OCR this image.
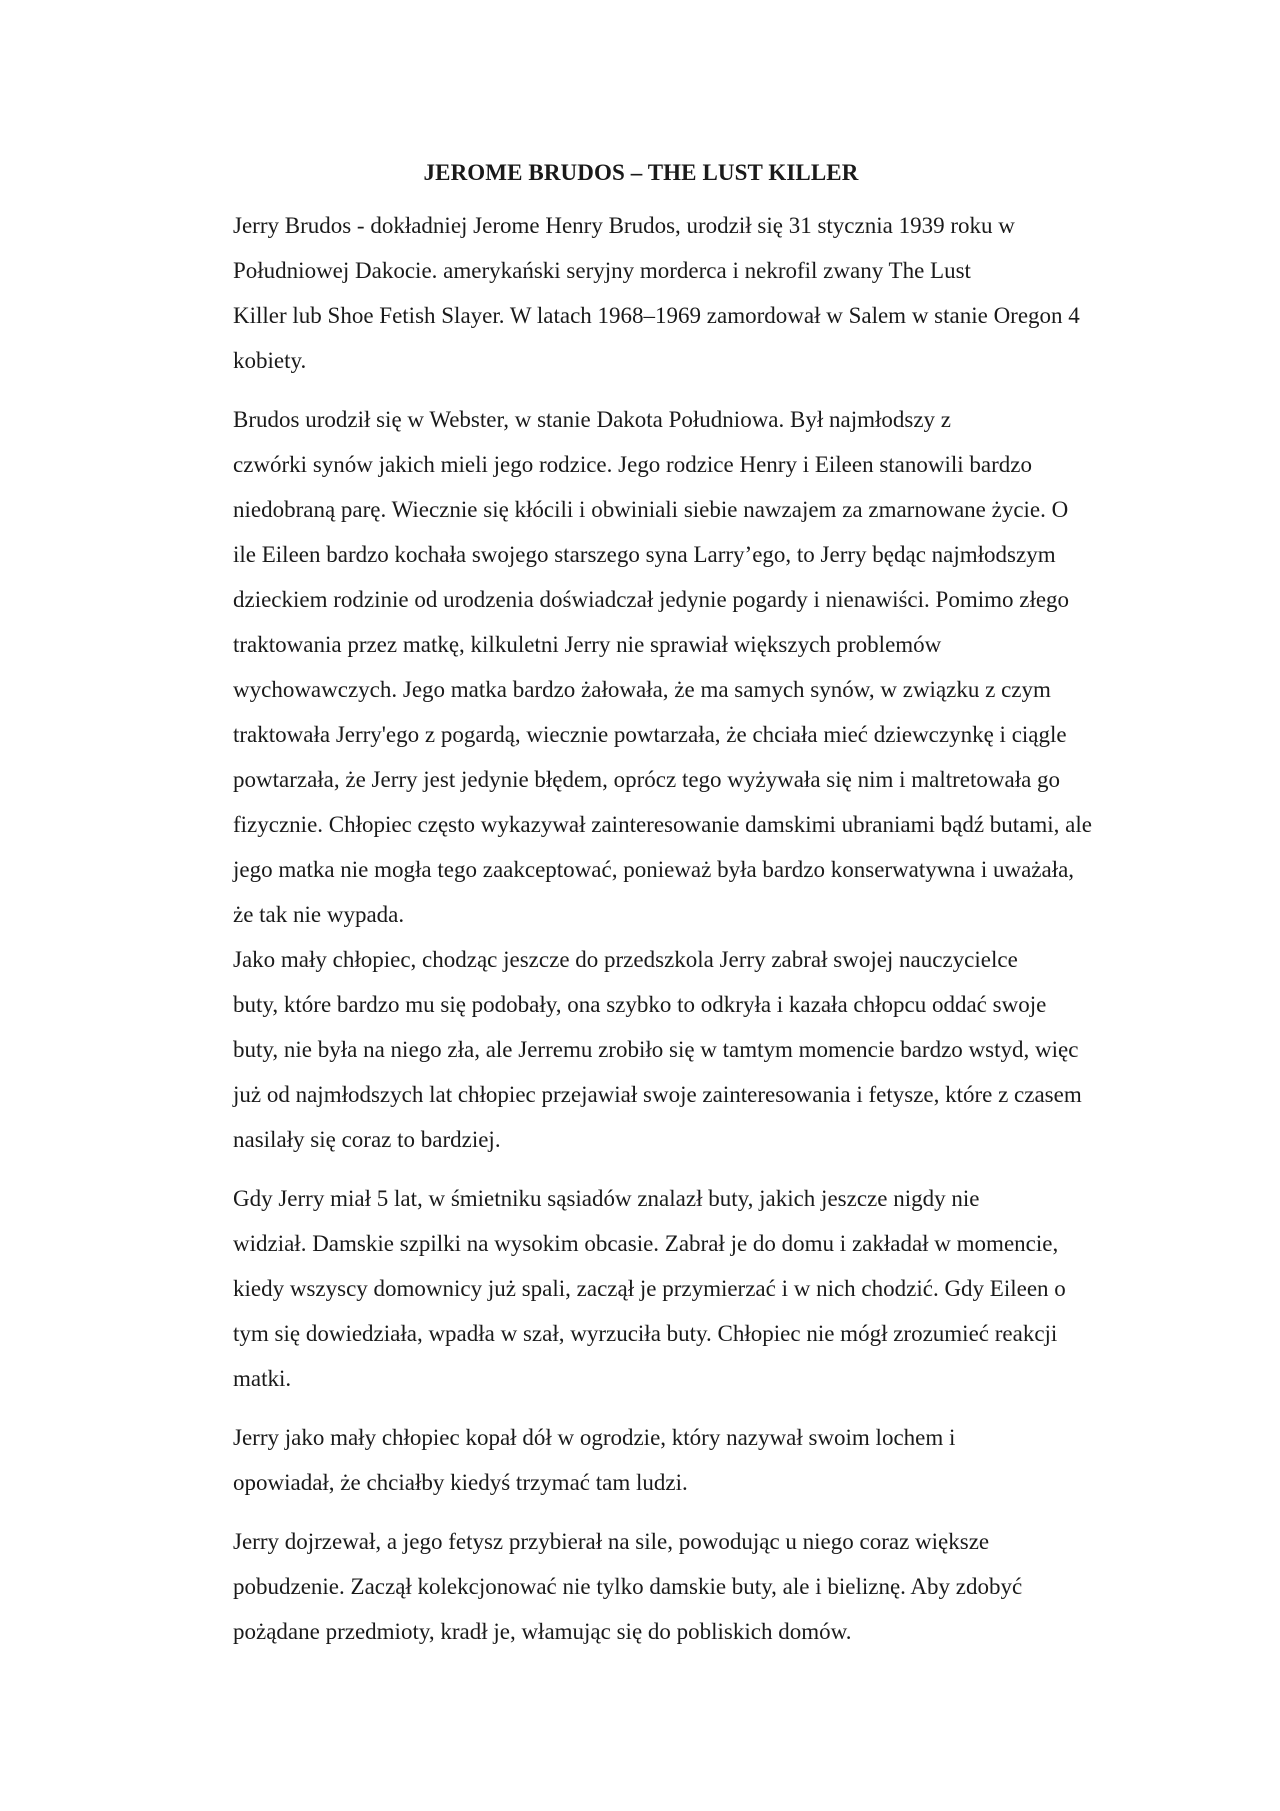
JEROME BRUDOS – THE LUST KILLER

Jerry Brudos - dokładniej Jerome Henry Brudos, urodził się 31 stycznia 1939 roku w
Południowej Dakocie. amerykański seryjny morderca i nekrofil zwany The Lust
Killer lub Shoe Fetish Slayer. W latach 1968–1969 zamordował w Salem w stanie Oregon 4
kobiety.

Brudos urodził się w Webster, w stanie Dakota Południowa. Był najmłodszy z
czwórki synów jakich mieli jego rodzice. Jego rodzice Henry i Eileen stanowili bardzo
niedobraną parę. Wiecznie się kłócili i obwiniali siebie nawzajem za zmarnowane życie. O
ile Eileen bardzo kochała swojego starszego syna Larry’ego, to Jerry będąc najmłodszym
dzieckiem rodzinie od urodzenia doświadczał jedynie pogardy i nienawiści. Pomimo złego
traktowania przez matkę, kilkuletni Jerry nie sprawiał większych problemów
wychowawczych. Jego matka bardzo żałowała, że ma samych synów, w związku z czym
traktowała Jerry'ego z pogardą, wiecznie powtarzała, że chciała mieć dziewczynkę i ciągle
powtarzała, że Jerry jest jedynie błędem, oprócz tego wyżywała się nim i maltretowała go
fizycznie. Chłopiec często wykazywał zainteresowanie damskimi ubraniami bądź butami, ale
jego matka nie mogła tego zaakceptować, ponieważ była bardzo konserwatywna i uważała,
że tak nie wypada.

Jako mały chłopiec, chodząc jeszcze do przedszkola Jerry zabrał swojej nauczycielce
buty, które bardzo mu się podobały, ona szybko to odkryła i kazała chłopcu oddać swoje
buty, nie była na niego zła, ale Jerremu zrobiło się w tamtym momencie bardzo wstyd, więc
już od najmłodszych lat chłopiec przejawiał swoje zainteresowania i fetysze, które z czasem
nasilały się coraz to bardziej.

Gdy Jerry miał 5 lat, w śmietniku sąsiadów znalazł buty, jakich jeszcze nigdy nie
widział. Damskie szpilki na wysokim obcasie. Zabrał je do domu i zakładał w momencie,
kiedy wszyscy domownicy już spali, zaczął je przymierzać i w nich chodzić. Gdy Eileen o
tym się dowiedziała, wpadła w szał, wyrzuciła buty. Chłopiec nie mógł zrozumieć reakcji
matki.

Jerry jako mały chłopiec kopał dół w ogrodzie, który nazywał swoim lochem i
opowiadał, że chciałby kiedyś trzymać tam ludzi.

Jerry dojrzewał, a jego fetysz przybierał na sile, powodując u niego coraz większe
pobudzenie. Zaczął kolekcjonować nie tylko damskie buty, ale i bieliznę. Aby zdobyć
pożądane przedmioty, kradł je, włamując się do pobliskich domów.
